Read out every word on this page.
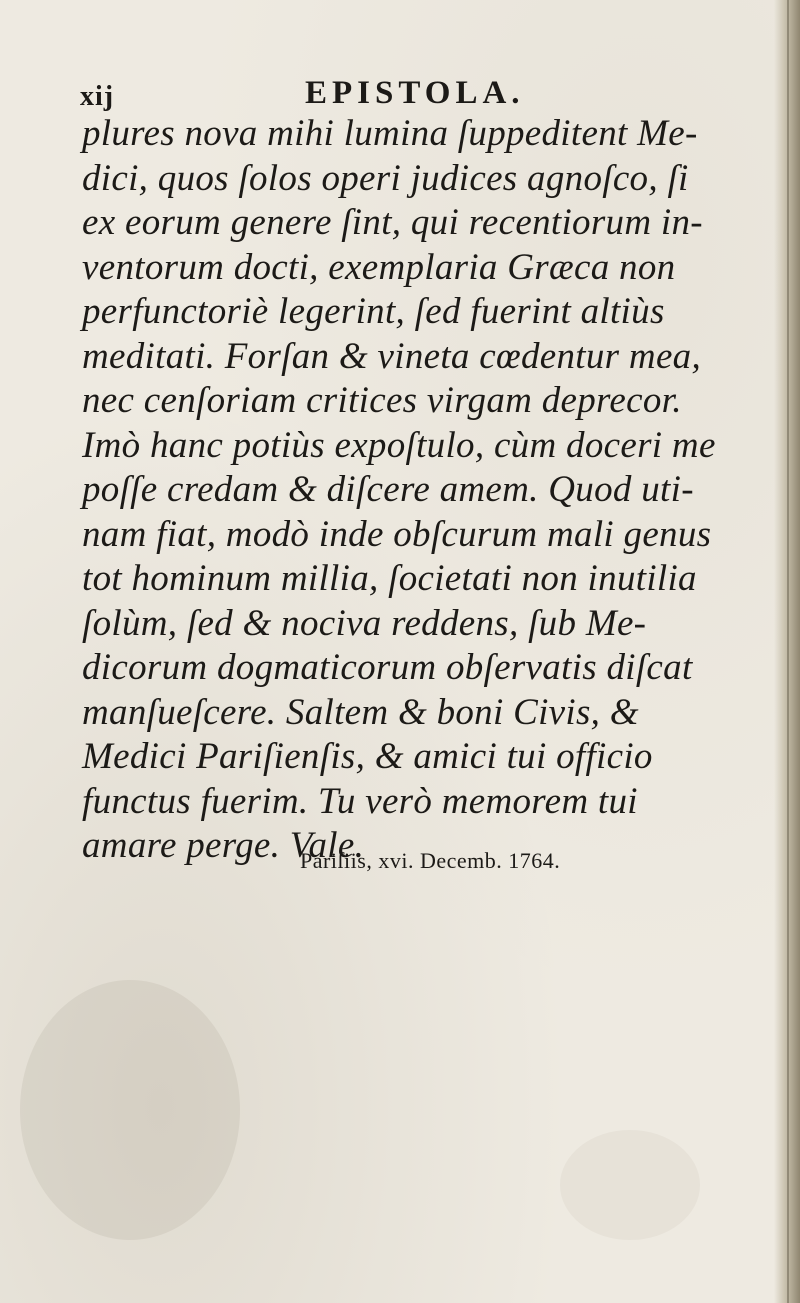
xij	EPISTOLA.
plures nova mihi lumina ſuppeditent Me-
dici, quos ſolos operi judices agnoſco, ſi
ex eorum genere ſint, qui recentiorum in-
ventorum docti, exemplaria Græca non
perfunctoriè legerint, ſed fuerint altiùs
meditati. Forſan & vineta cœdentur mea,
nec cenſoriam critices virgam deprecor.
Imò hanc potiùs expoſtulo, cùm doceri me
poſſe credam & diſcere amem. Quod uti-
nam fiat, modò inde obſcurum mali genus
tot hominum millia, ſocietati non inutilia
ſolùm, ſed & nociva reddens, ſub Me-
dicorum dogmaticorum obſervatis diſcat
manſueſcere. Saltem & boni Civis, &
Medici Pariſienſis, & amici tui officio
functus fuerim. Tu verò memorem tui
amare perge. Vale.
Pariſiis, xvi. Decemb. 1764.
